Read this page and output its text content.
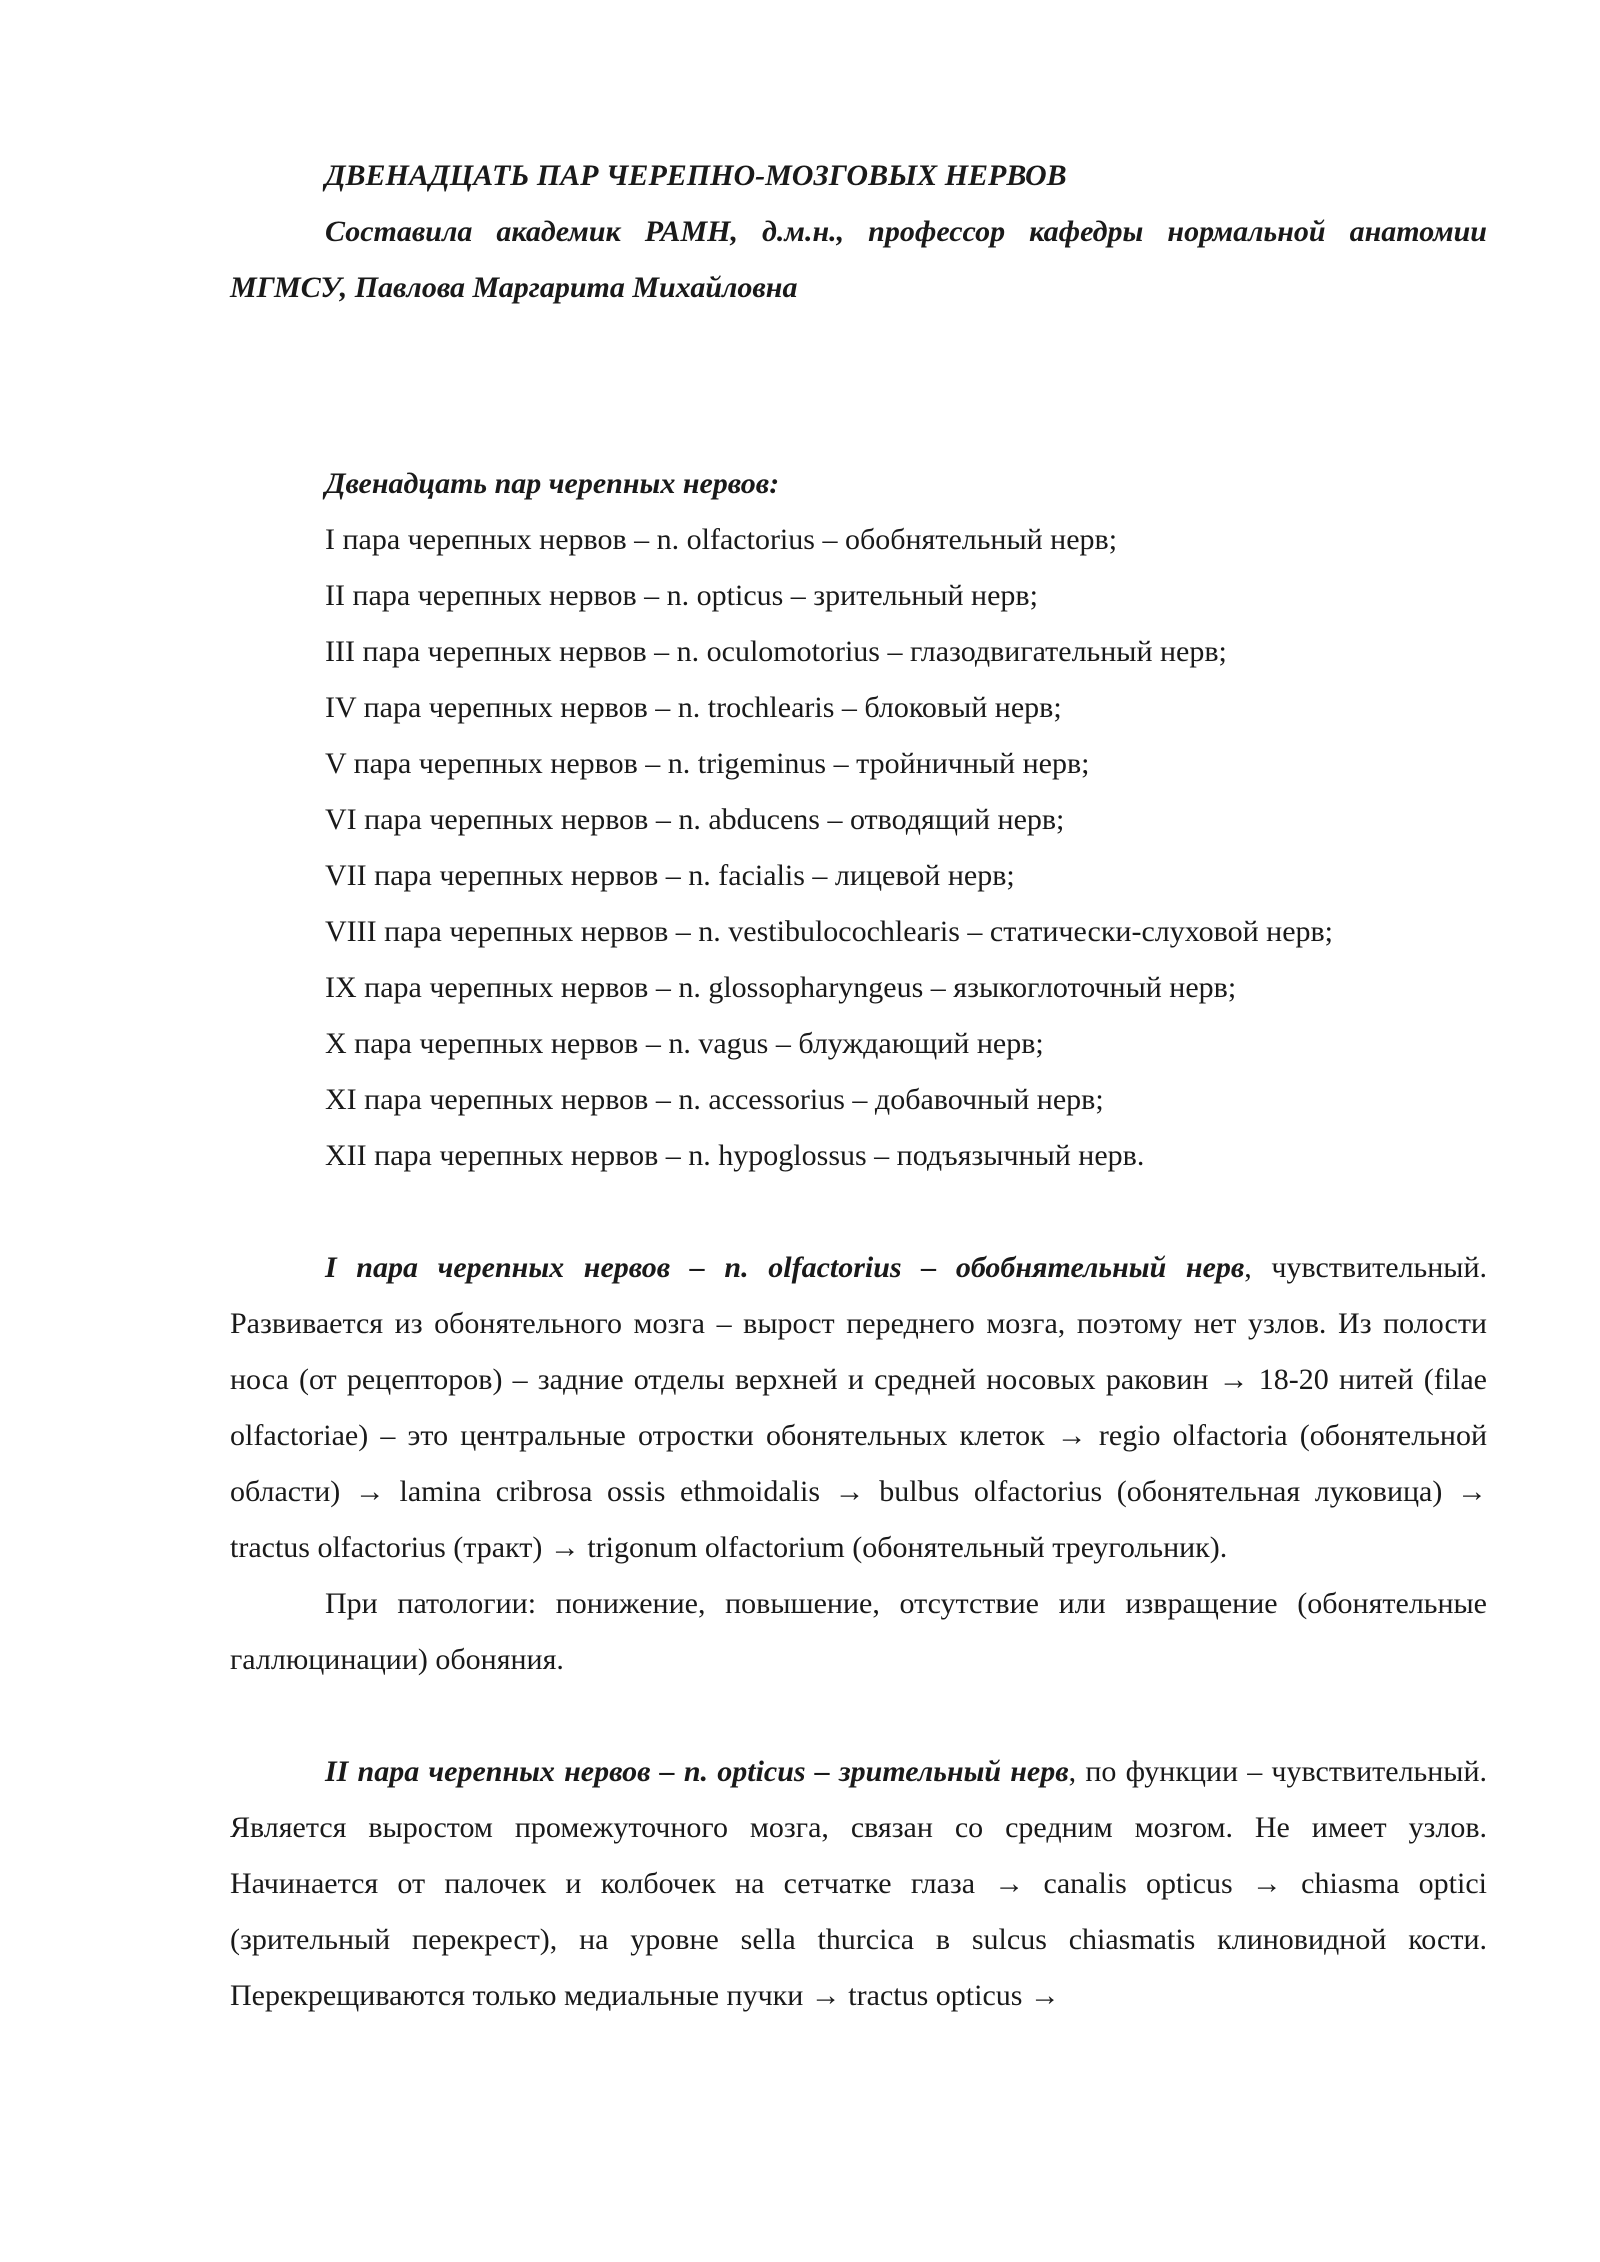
ДВЕНАДЦАТЬ ПАР ЧЕРЕПНО-МОЗГОВЫХ НЕРВОВ

Составила академик РАМН, д.м.н., профессор кафедры нормальной анатомии МГМСУ, Павлова Маргарита Михайловна

Двенадцать пар черепных нервов:

I пара черепных нервов – n. olfactorius – обобнятельный нерв;

II пара черепных нервов – n. opticus – зрительный нерв;

III пара черепных нервов – n. oculomotorius – глазодвигательный нерв;

IV пара черепных нервов – n. trochlearis – блоковый нерв;

V пара черепных нервов – n. trigeminus – тройничный нерв;

VI пара черепных нервов – n. abducens – отводящий нерв;

VII пара черепных нервов – n. facialis – лицевой нерв;

VIII пара черепных нервов – n. vestibulocochlearis – статически-слуховой нерв;

IX пара черепных нервов – n. glossopharyngeus – языкоглоточный нерв;

X пара черепных нервов – n. vagus – блуждающий нерв;

XI пара черепных нервов – n. accessorius – добавочный нерв;

XII пара черепных нервов – n. hypoglossus – подъязычный нерв.

I пара черепных нервов – n. olfactorius – обобнятельный нерв, чувствительный. Развивается из обонятельного мозга – вырост переднего мозга, поэтому нет узлов. Из полости носа (от рецепторов) – задние отделы верхней и средней носовых раковин → 18-20 нитей (filae olfactoriae) – это центральные отростки обонятельных клеток → regio olfactoria (обонятельной области) → lamina cribrosa ossis ethmoidalis → bulbus olfactorius (обонятельная луковица) → tractus olfactorius (тракт) → trigonum olfactorium (обонятельный треугольник).

При патологии: понижение, повышение, отсутствие или извращение (обонятельные галлюцинации) обоняния.

II пара черепных нервов – n. opticus – зрительный нерв, по функции – чувствительный. Является выростом промежуточного мозга, связан со средним мозгом. Не имеет узлов. Начинается от палочек и колбочек на сетчатке глаза → canalis opticus → chiasma optici (зрительный перекрест), на уровне sella thurcica в sulcus chiasmatis клиновидной кости. Перекрещиваются только медиальные пучки → tractus opticus →
